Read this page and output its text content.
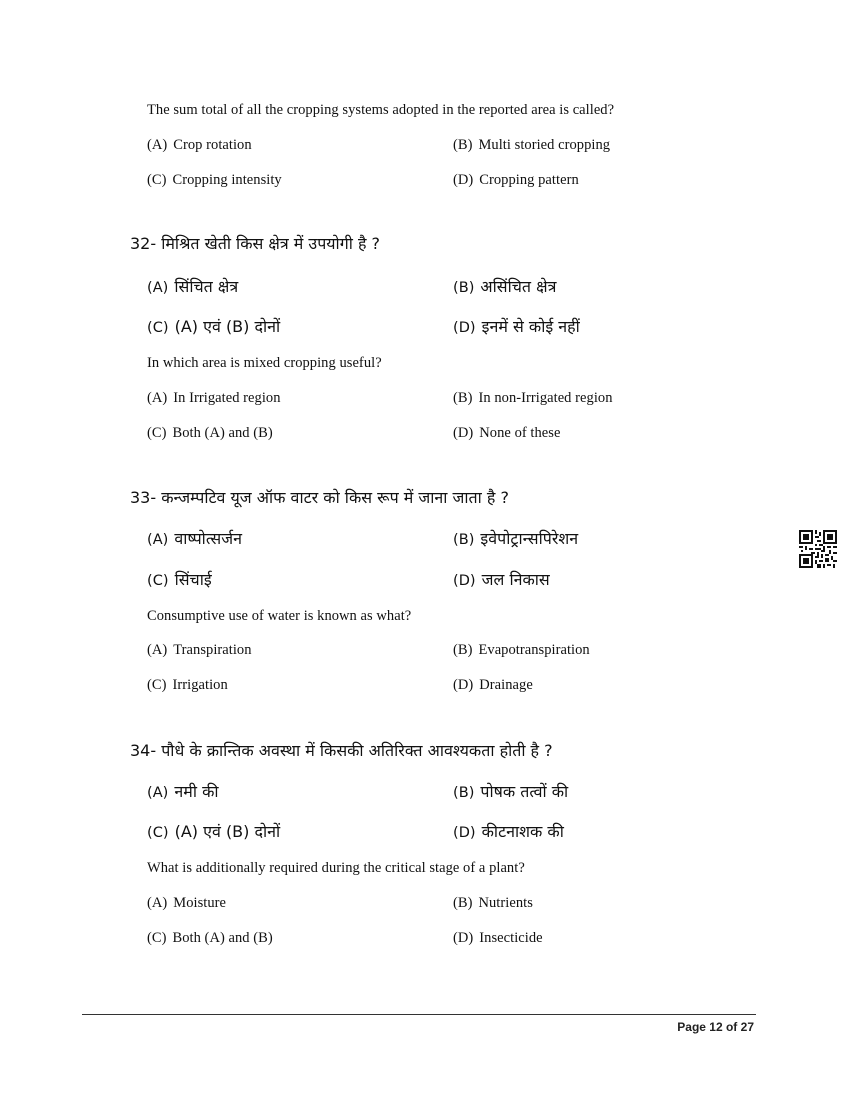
The sum total of all the cropping systems adopted in the reported area is called?
(A) Crop rotation	(B) Multi storied cropping
(C) Cropping intensity	(D) Cropping pattern
32- मिश्रित खेती किस क्षेत्र में उपयोगी है ?
(A) सिंचित क्षेत्र	(B) असिंचित क्षेत्र
(C) (A) एवं (B) दोनों	(D) इनमें से कोई नहीं
In which area is mixed cropping useful?
(A) In Irrigated region	(B) In non-Irrigated region
(C) Both (A) and (B)	(D) None of these
33- कन्जम्पटिव यूज ऑफ वाटर को किस रूप में जाना जाता है ?
(A) वाष्पोत्सर्जन	(B) इवेपोट्रान्सपिरेशन
(C) सिंचाई	(D) जल निकास
Consumptive use of water is known as what?
(A) Transpiration	(B) Evapotranspiration
(C) Irrigation	(D) Drainage
34- पौधे के क्रान्तिक अवस्था में किसकी अतिरिक्त आवश्यकता होती है ?
(A) नमी की	(B) पोषक तत्वों की
(C) (A) एवं (B) दोनों	(D) कीटनाशक की
What is additionally required during the critical stage of a plant?
(A) Moisture	(B) Nutrients
(C) Both (A) and (B)	(D) Insecticide
Page 12 of 27
